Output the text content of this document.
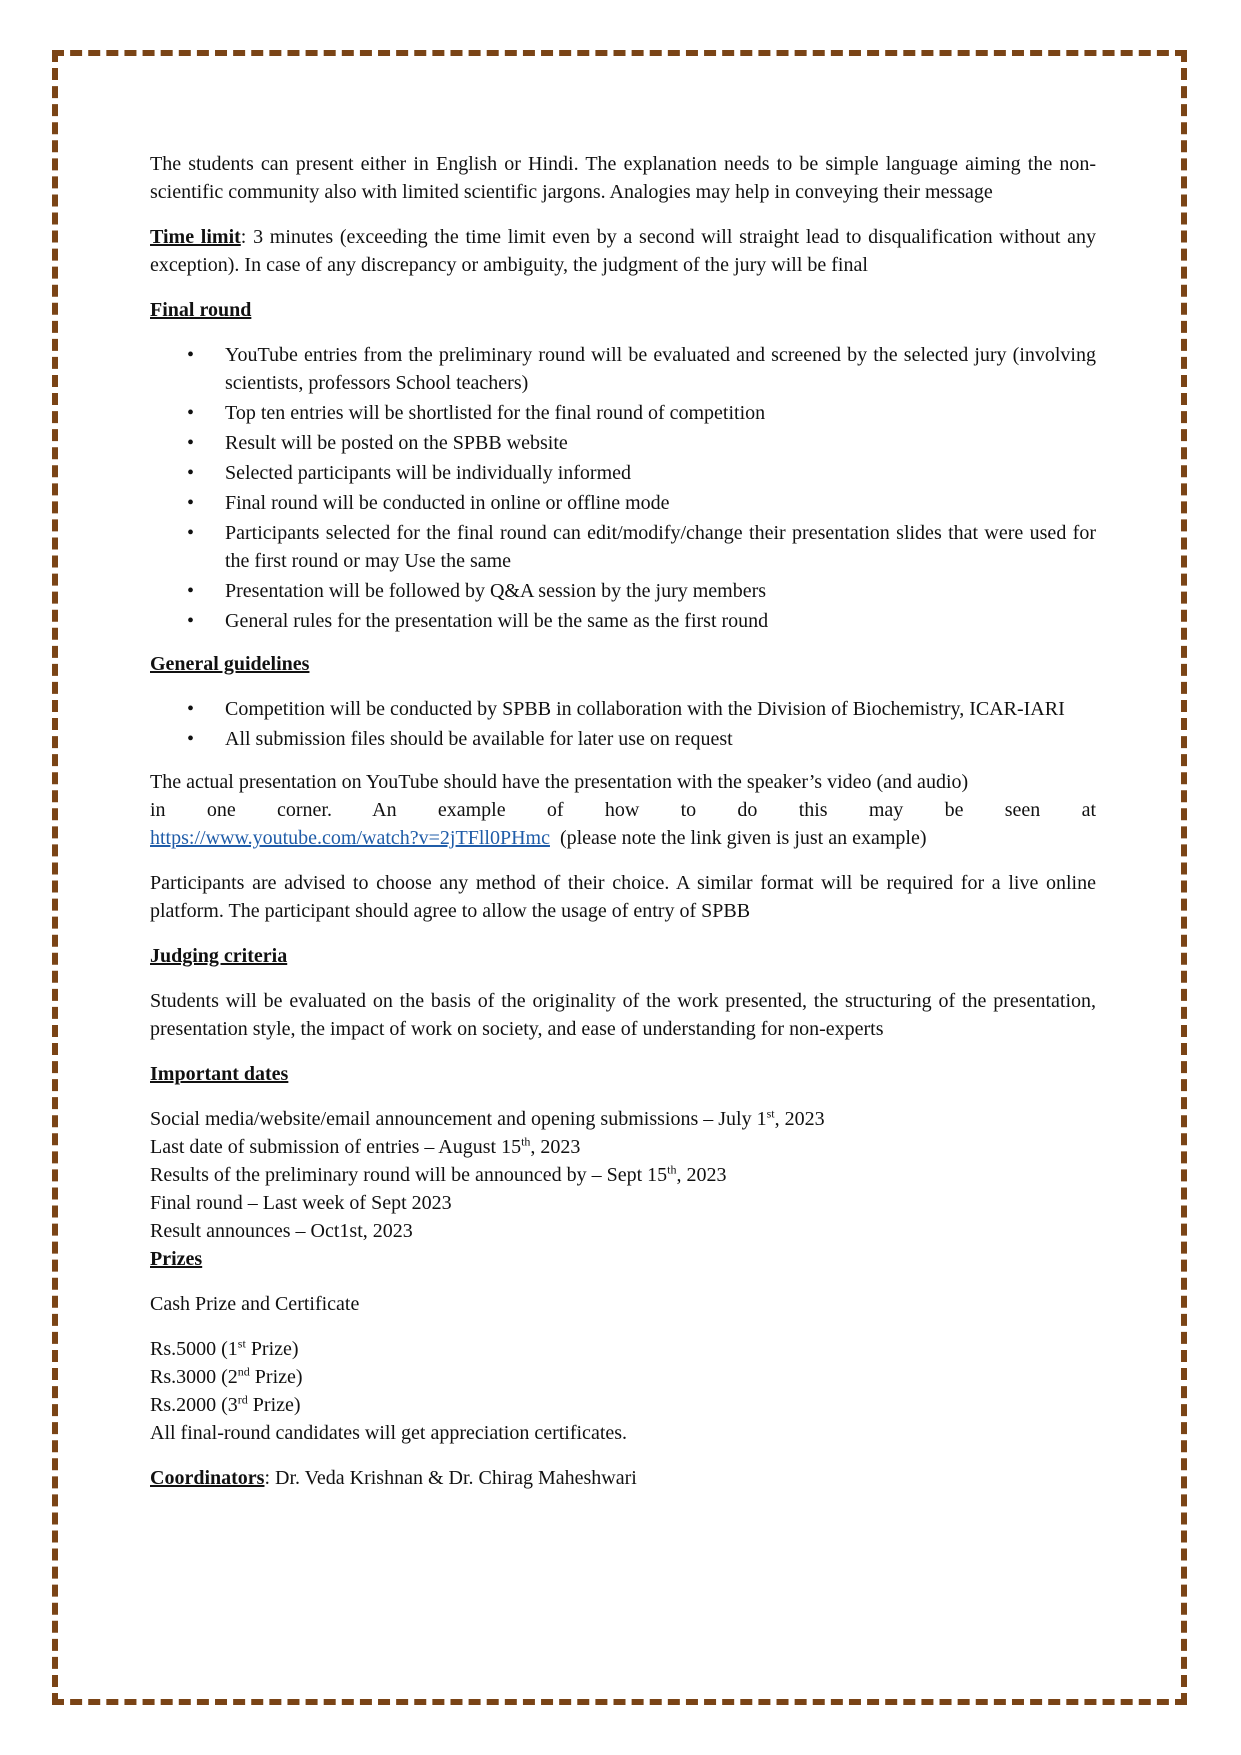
The students can present either in English or Hindi. The explanation needs to be simple language aiming the non-scientific community also with limited scientific jargons. Analogies may help in conveying their message

Time limit: 3 minutes (exceeding the time limit even by a second will straight lead to disqualification without any exception). In case of any discrepancy or ambiguity, the judgment of the jury will be final

Final round
• YouTube entries from the preliminary round will be evaluated and screened by the selected jury (involving scientists, professors School teachers)
• Top ten entries will be shortlisted for the final round of competition
• Result will be posted on the SPBB website
• Selected participants will be individually informed
• Final round will be conducted in online or offline mode
• Participants selected for the final round can edit/modify/change their presentation slides that were used for the first round or may Use the same
• Presentation will be followed by Q&A session by the jury members
• General rules for the presentation will be the same as the first round
General guidelines
• Competition will be conducted by SPBB in collaboration with the Division of Biochemistry, ICAR-IARI
• All submission files should be available for later use on request
The actual presentation on YouTube should have the presentation with the speaker’s video (and audio)
in one corner. An example of how to do this may be seen at
https://www.youtube.com/watch?v=2jTFll0PHmc  (please note the link given is just an example)

Participants are advised to choose any method of their choice. A similar format will be required for a live online platform. The participant should agree to allow the usage of entry of SPBB

Judging criteria

Students will be evaluated on the basis of the originality of the work presented, the structuring of the presentation, presentation style, the impact of work on society, and ease of understanding for non-experts

Important dates
Social media/website/email announcement and opening submissions – July 1st, 2023
Last date of submission of entries – August 15th, 2023
Results of the preliminary round will be announced by – Sept 15th, 2023
Final round – Last week of Sept 2023
Result announces – Oct1st, 2023
Prizes

Cash Prize and Certificate

Rs.5000 (1st Prize)
Rs.3000 (2nd Prize)
Rs.2000 (3rd Prize)
All final-round candidates will get appreciation certificates.

Coordinators: Dr. Veda Krishnan & Dr. Chirag Maheshwari
